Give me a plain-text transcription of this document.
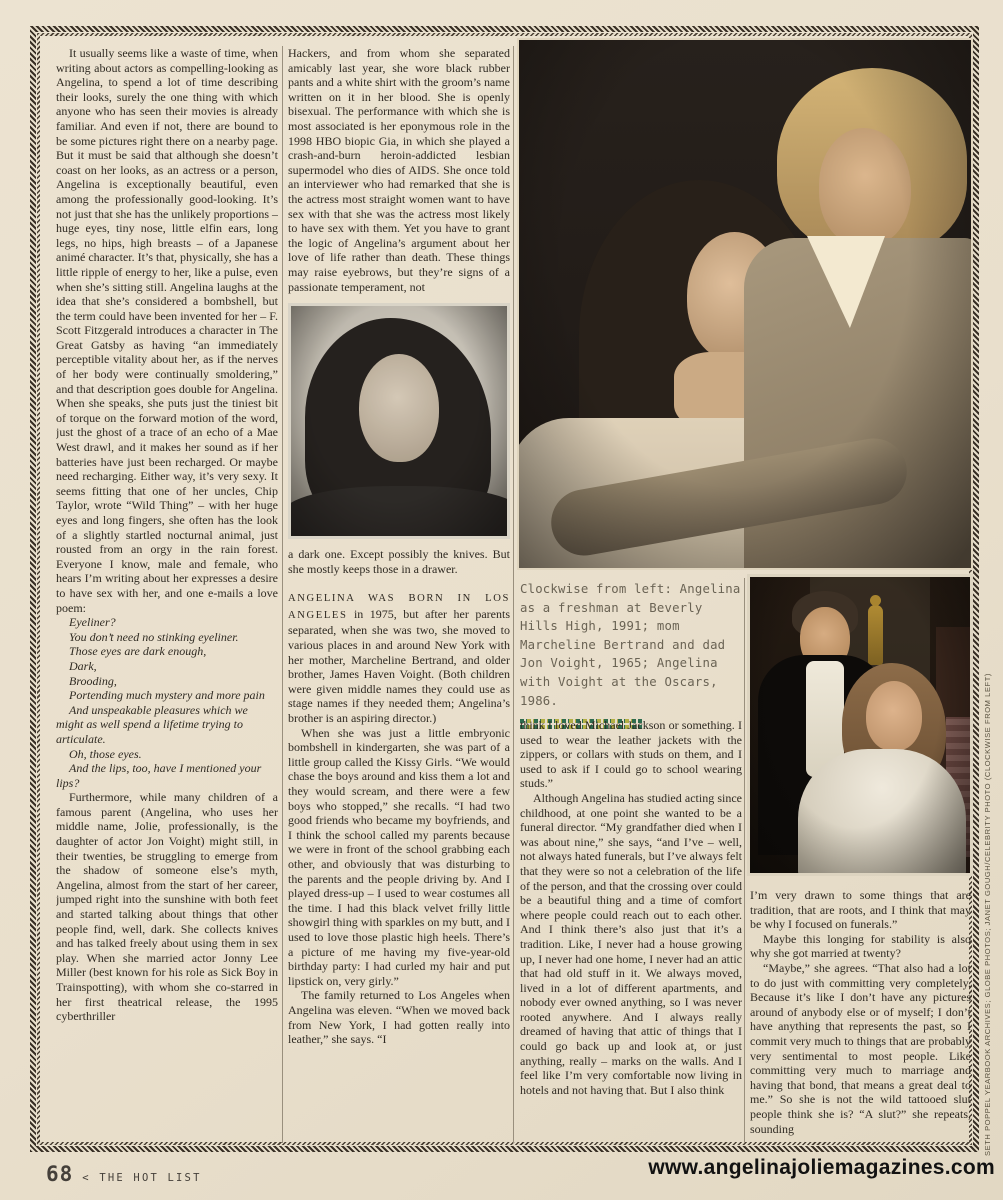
It usually seems like a waste of time, when writing about actors as compelling-looking as Angelina, to spend a lot of time describing their looks, surely the one thing with which anyone who has seen their movies is already familiar. And even if not, there are bound to be some pictures right there on a nearby page. But it must be said that although she doesn’t coast on her looks, as an actress or a person, Angelina is exceptionally beautiful, even among the professionally good-looking. It’s not just that she has the unlikely proportions – huge eyes, tiny nose, little elfin ears, long legs, no hips, high breasts – of a Japanese animé character. It’s that, physically, she has a little ripple of energy to her, like a pulse, even when she’s sitting still. Angelina laughs at the idea that she’s considered a bombshell, but the term could have been invented for her – F. Scott Fitzgerald introduces a character in The Great Gatsby as having “an immediately perceptible vitality about her, as if the nerves of her body were continually smoldering,” and that description goes double for Angelina. When she speaks, she puts just the tiniest bit of torque on the forward motion of the word, just the ghost of a trace of an echo of a Mae West drawl, and it makes her sound as if her batteries have just been recharged. Or maybe need recharging. Either way, it’s very sexy. It seems fitting that one of her uncles, Chip Taylor, wrote “Wild Thing” – with her huge eyes and long fingers, she often has the look of a slightly startled nocturnal animal, just rousted from an orgy in the rain forest. Everyone I know, male and female, who hears I’m writing about her expresses a desire to have sex with her, and one e-mails a love poem:

Eyeliner?

You don’t need no stinking eyeliner.

Those eyes are dark enough,

Dark,

Brooding,

Portending much mystery and more pain

And unspeakable pleasures which we might as well spend a lifetime trying to articulate.

Oh, those eyes.

And the lips, too, have I mentioned your lips?

Furthermore, while many children of a famous parent (Angelina, who uses her middle name, Jolie, professionally, is the daughter of actor Jon Voight) might still, in their twenties, be struggling to emerge from the shadow of someone else’s myth, Angelina, almost from the start of her career, jumped right into the sunshine with both feet and started talking about things that other people find, well, dark. She collects knives and has talked freely about using them in sex play. When she married actor Jonny Lee Miller (best known for his role as Sick Boy in Trainspotting), with whom she co-starred in her first theatrical release, the 1995 cyberthriller

Hackers, and from whom she separated amicably last year, she wore black rubber pants and a white shirt with the groom’s name written on it in her blood. She is openly bisexual. The performance with which she is most associated is her eponymous role in the 1998 HBO biopic Gia, in which she played a crash-and-burn heroin-addicted lesbian supermodel who dies of AIDS. She once told an interviewer who had remarked that she is the actress most straight women want to have sex with that she was the actress most likely to have sex with them. Yet you have to grant the logic of Angelina’s argument about her love of life rather than death. These things may raise eyebrows, but they’re signs of a passionate temperament, not

a dark one. Except possibly the knives. But she mostly keeps those in a drawer.

ANGELINA WAS BORN IN LOS ANGELES in 1975, but after her parents separated, when she was two, she moved to various places in and around New York with her mother, Marcheline Bertrand, and older brother, James Haven Voight. (Both children were given middle names they could use as stage names if they needed them; Angelina’s brother is an aspiring director.)

When she was just a little embryonic bombshell in kindergarten, she was part of a little group called the Kissy Girls. “We would chase the boys around and kiss them a lot and they would scream, and there were a few boys who stopped,” she recalls. “I had two good friends who became my boyfriends, and I think the school called my parents because we were in front of the school grabbing each other, and obviously that was disturbing to the parents and the people driving by. And I played dress-up – I used to wear costumes all the time. I had this black velvet frilly little showgirl thing with sparkles on my butt, and I used to love those plastic high heels. There’s a picture of me having my five-year-old birthday party: I had curled my hair and put lipstick on, very girly.”

The family returned to Los Angeles when Angelina was eleven. “When we moved back from New York, I had gotten really into leather,” she says. “I

Clockwise from left: Angelina as a freshman at Beverly Hills High, 1991; mom Marcheline Bertrand and dad Jon Voight, 1965; Angelina with Voight at the Oscars, 1986.

think I loved Michael Jackson or something. I used to wear the leather jackets with the zippers, or collars with studs on them, and I used to ask if I could go to school wearing studs.”

Although Angelina has studied acting since childhood, at one point she wanted to be a funeral director. “My grandfather died when I was about nine,” she says, “and I’ve – well, not always hated funerals, but I’ve always felt that they were so not a celebration of the life of the person, and that the crossing over could be a beautiful thing and a time of comfort where people could reach out to each other. And I think there’s also just that it’s a tradition. Like, I never had a house growing up, I never had one home, I never had an attic that had old stuff in it. We always moved, lived in a lot of different apartments, and nobody ever owned anything, so I was never rooted anywhere. And I always really dreamed of having that attic of things that I could go back up and look at, or just anything, really – marks on the walls. And I feel like I’m very comfortable now living in hotels and not having that. But I also think

I’m very drawn to some things that are tradition, that are roots, and I think that may be why I focused on funerals.”

Maybe this longing for stability is also why she got married at twenty?

“Maybe,” she agrees. “That also had a lot to do just with committing very completely. Because it’s like I don’t have any pictures around of anybody else or of myself; I don’t have anything that represents the past, so I commit very much to things that are probably very sentimental to most people. Like committing very much to marriage and having that bond, that means a great deal to me.” So she is not the wild tattooed slut people think she is? “A slut?” she repeats, sounding	SETH POPPEL YEARBOOK ARCHIVES; GLOBE PHOTOS; JANET GOUGH/CELEBRITY PHOTO (CLOCKWISE FROM LEFT)
68 < THE HOT LIST	www.angelinajoliemagazines.com
